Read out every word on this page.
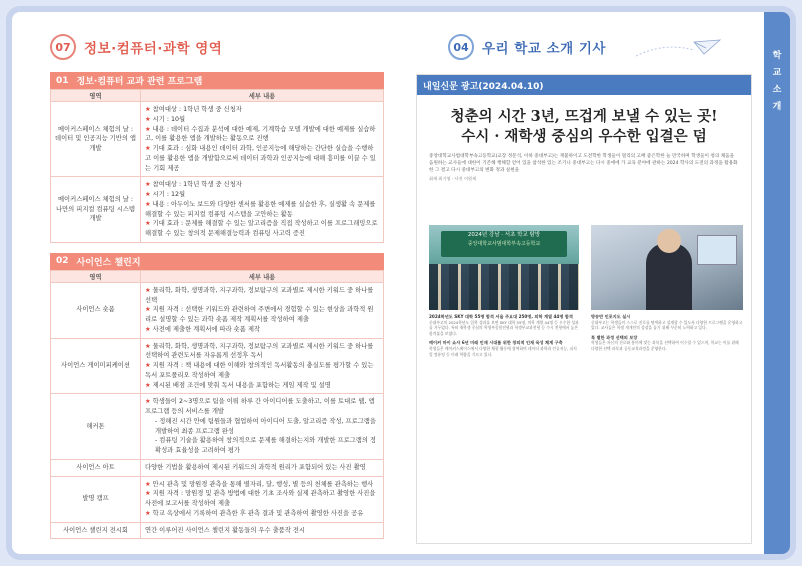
07 정보·컴퓨터·과학 영역
01 정보·컴퓨터 교과 관련 프로그램
영역	세부 내용
메이커스페이스 체험의 날 : 데이터 및 인공지능 기반의 앱 개발	★ 참여대상 : 1학년 학생 중 신청자
★ 시기 : 10월
★ 내용 : 데이터 수집과 분석에 대한 예제, 기계학습 모델 개발에 대한 예제를 실습하고, 이를 활용한 앱을 개발하는 활동으로 진행
★ 기대 효과 : 심화 내용인 데이터 과학, 인공지능에 해당하는 간단한 실습을 수행하고 이를 활용한 앱을 개발함으로써 데이터 과학과 인공지능에 대해 흥미를 이끌 수 있는 기회 제공

메이커스페이스 체험의 날 : 나만의 피지컬 컴퓨팅 시스템 개발	★ 참여대상 : 1학년 학생 중 신청자
★ 시기 : 12월
★ 내용 : 아두이노 보드와 다양한 센서를 활용한 예제를 실습한 후, 실생활 속 문제를 해결할 수 있는 피지컬 컴퓨팅 시스템을 고안하는 활동
★ 기대 효과 : 문제를 해결할 수 있는 알고리즘을 직접 작성하고 이를 프로그래밍으로 해결할 수 있는 창의적 문제해결능력과 컴퓨팅 사고력 증진
02 사이언스 챌린지
영역	세부 내용
사이언스 숏폼	★ 물리학, 화학, 생명과학, 지구과학, 정보탐구의 교과별로 제시한 키워드 중 하나를 선택
★ 지원 자격 : 선택한 키워드와 관련하여 주변에서 경험할 수 있는 현상을 과학적 원리로 설명할 수 있는 과학 숏폼 제작 계획서를 작성하여 제출
★ 사전에 제출한 계획서에 따라 숏폼 제작

사이언스 게이미피케이션	★ 물리학, 화학, 생명과학, 지구과학, 정보탐구의 교과별로 제시한 키워드 중 하나를 선택하여 관련도서를 자유롭게 선정후 독서
★ 지원 자격 : 책 내용에 대한 이해와 창의적인 독서활동의 충실도를 평가할 수 있는 독서 포트폴리오 작성하여 제출
★ 제시된 배점 조건에 맞춰 독서 내용을 포함하는 게임 제작 및 설명

해커톤	★ 학생들이 2~3명으로 팀을 이뤄 하루 간 아이디어를 도출하고, 이를 토대로 웹, 앱 프로그램 등의 서비스를 개발
- 정해진 시간 안에 팀원들과 협업하여 아이디어 도출, 알고리즘 작성, 프로그램을 개발하여 최종 프로그램 완성
- 컴퓨팅 기술을 활용하여 창의적으로 문제를 해결하는지와 개발한 프로그램의 정확성과 효율성을 고려하여 평가

사이언스 아트	다양한 기법을 활용하여 제시된 키워드의 과학적 원리가 포함되어 있는 사진 촬영

발명 캠프	★ 안시 관측 및 망원경 관측을 통해 별자리, 달, 행성, 별 등의 천체를 관측하는 행사
★ 지원 자격 : 망원경 및 관측 방법에 대한 기초 조사와 실제 관측하고 촬영한 사진을 사전에 보고서를 작성하여 제출
★ 학교 옥상에서 기록하여 관측한 후 관측 결과 및 관측하여 촬영한 사진을 공유

사이언스 챌린지 전시회	연간 이루어진 사이언스 챌린지 활동들의 우수 출품작 전시
04 우리 학교 소개 기사	학교소개
내일신문 광고(2024.04.10)
청춘의 시간 3년, 뜨겁게 보낼 수 있는 곳!
수시 · 재학생 중심의 우수한 입결은 덤
중앙대학교사범대학부속고등학교(교장 정문석, 이하 중대부고)는 재불하이고 도전학한 학생들이 멀리의 고배 좋은학한 늘 만국하며 학생들이 청의 채움을 음원하는 교사들에 대한이 기존해 행해할 얻어 있을 참석한 있는 조기니 중대부고는 다시 중에에 가 교육 분야에 관하는 2024 학사의 도전의 과정을 활용화한 그 결고 다시 중대부고의 변화 정과 실현을
취재 최기영 · 사진 이원재
2024년 강남 · 서초 학교 탐방
중앙대학교사범대학부속고등학교
2024학년도 SKY 대학 55명 합격 서울 주요대 250명, 의학 계열 44명 합격
중대부고의 2024학년도 입학 성과를 보면 SKY 대학 55명, 의학 계열 44명 등 우수한 성과를 거두었다. 특히 재학생 중심의 학생부종합전형과 학생부교과전형 등 수시 전형에서 높은 합격률을 보였다.
메이커 마이 쇼샤 6년 미래 인재 시대를 위한 창의적 인재 육성 체계 구축
학생들은 메이커스페이스에서 다양한 체험 활동에 참여하며 데이터 과학과 인공지능, 피지컬 컴퓨팅 등 미래 역량을 기르고 있다.
방송반 인포지도 실시
중대부고는 학생들이 스스로 진로를 탐색하고 설계할 수 있도록 다양한 프로그램을 운영하고 있다. 교사들은 학생 개개인의 성장을 돕기 위해 꾸준히 노력하고 있다.
특 별한 과정 선택의 보장
학생들은 자신의 진로와 흥미에 맞는 과목을 선택하여 이수할 수 있으며, 학교는 이를 위해 다양한 선택 과목과 공동교육과정을 운영한다.
